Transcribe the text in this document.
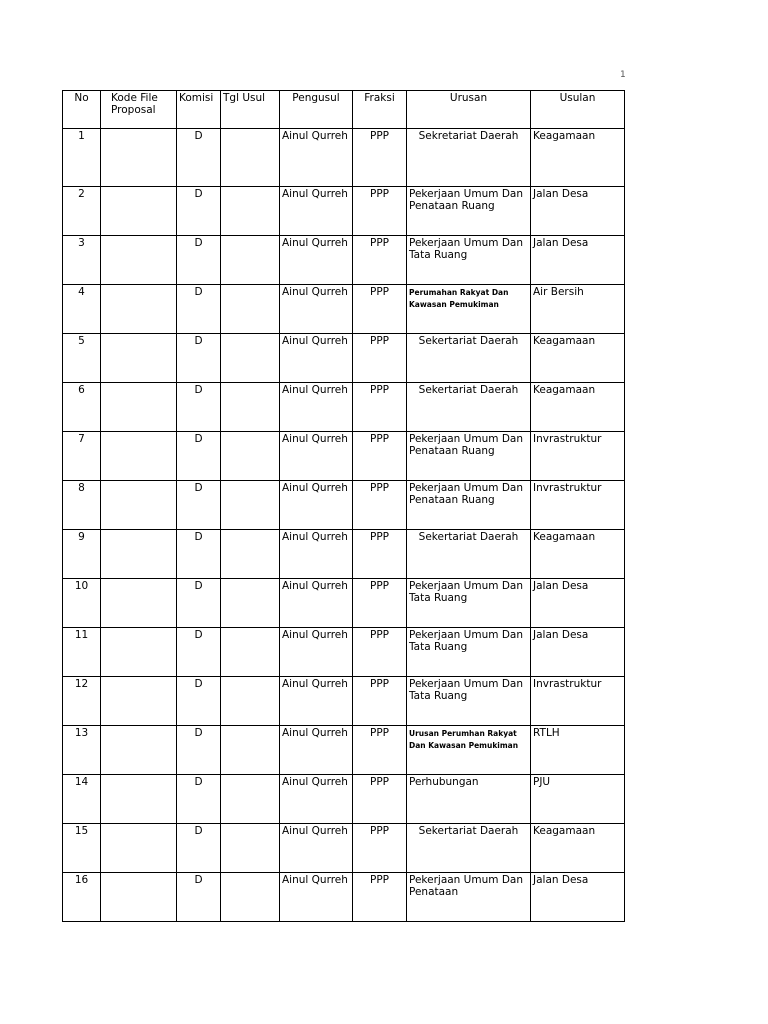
1
No	Kode File Proposal	Komisi	Tgl Usul	Pengusul	Fraksi	Urusan	Usulan
1		D		Ainul Qurreh	PPP	Sekretariat Daerah	Keagamaan
2		D		Ainul Qurreh	PPP	Pekerjaan Umum Dan Penataan Ruang	Jalan Desa
3		D		Ainul Qurreh	PPP	Pekerjaan Umum Dan Tata Ruang	Jalan Desa
4		D		Ainul Qurreh	PPP	Perumahan Rakyat Dan Kawasan Pemukiman	Air Bersih
5		D		Ainul Qurreh	PPP	Sekertariat Daerah	Keagamaan
6		D		Ainul Qurreh	PPP	Sekertariat Daerah	Keagamaan
7		D		Ainul Qurreh	PPP	Pekerjaan Umum Dan Penataan Ruang	Invrastruktur
8		D		Ainul Qurreh	PPP	Pekerjaan Umum Dan Penataan Ruang	Invrastruktur
9		D		Ainul Qurreh	PPP	Sekertariat Daerah	Keagamaan
10		D		Ainul Qurreh	PPP	Pekerjaan Umum Dan Tata Ruang	Jalan Desa
11		D		Ainul Qurreh	PPP	Pekerjaan Umum Dan Tata Ruang	Jalan Desa
12		D		Ainul Qurreh	PPP	Pekerjaan Umum Dan Tata Ruang	Invrastruktur
13		D		Ainul Qurreh	PPP	Urusan Perumhan Rakyat Dan Kawasan Pemukiman	RTLH
14		D		Ainul Qurreh	PPP	Perhubungan	PJU
15		D		Ainul Qurreh	PPP	Sekertariat Daerah	Keagamaan
16		D		Ainul Qurreh	PPP	Pekerjaan Umum Dan Penataan	Jalan Desa
